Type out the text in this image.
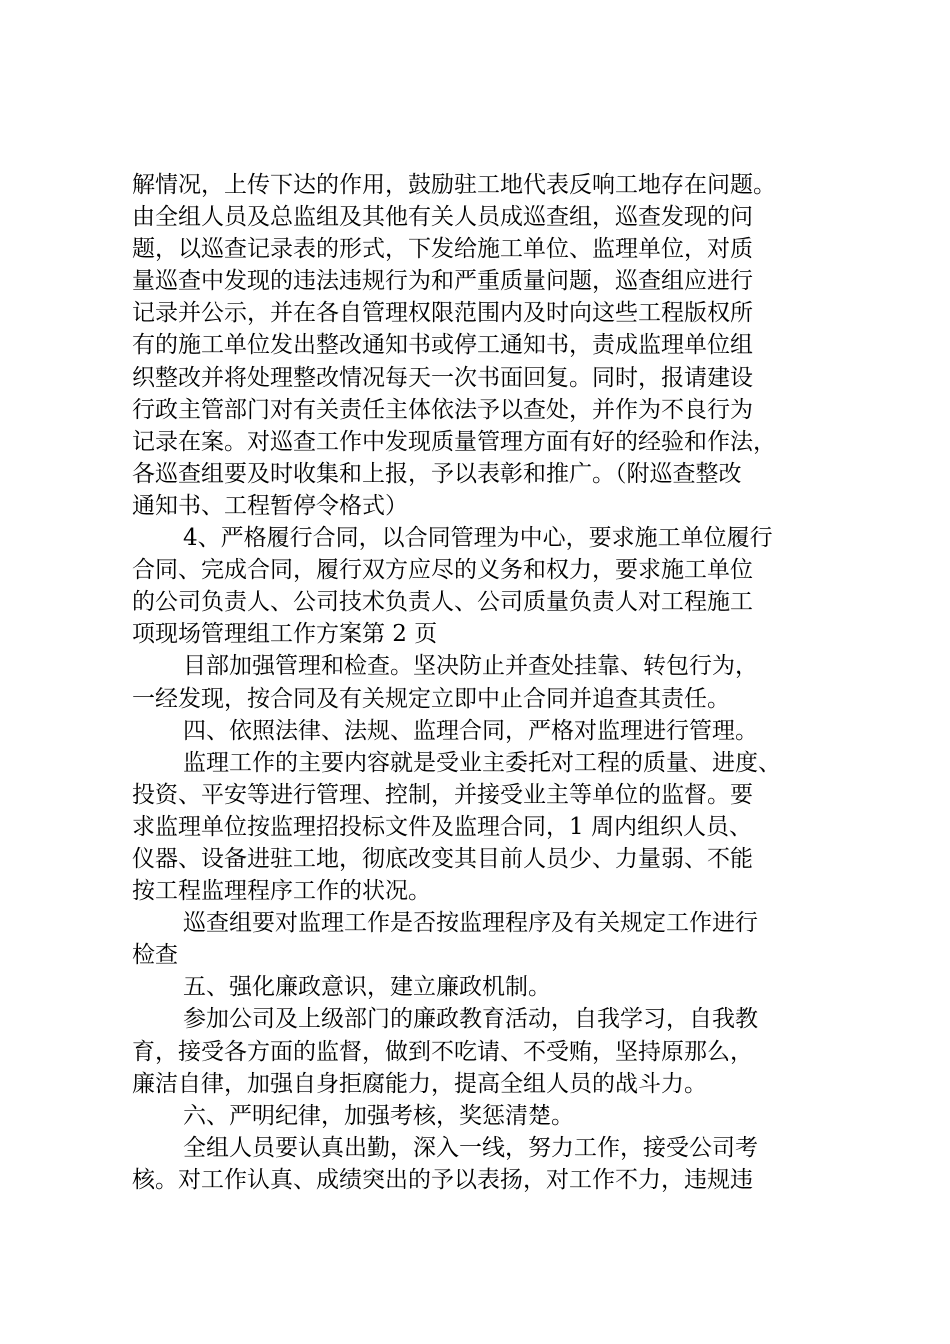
解情况，上传下达的作用，鼓励驻工地代表反响工地存在问题。
由全组人员及总监组及其他有关人员成巡查组，巡查发现的问
题，以巡查记录表的形式，下发给施工单位、监理单位，对质
量巡查中发现的违法违规行为和严重质量问题，巡查组应进行
记录并公示，并在各自管理权限范围内及时向这些工程版权所
有的施工单位发出整改通知书或停工通知书，责成监理单位组
织整改并将处理整改情况每天一次书面回复。同时，报请建设
行政主管部门对有关责任主体依法予以查处，并作为不良行为
记录在案。对巡查工作中发现质量管理方面有好的经验和作法，
各巡查组要及时收集和上报，予以表彰和推广。（附巡查整改
通知书、工程暂停令格式）
4、严格履行合同，以合同管理为中心，要求施工单位履行
合同、完成合同，履行双方应尽的义务和权力，要求施工单位
的公司负责人、公司技术负责人、公司质量负责人对工程施工
项现场管理组工作方案第 2 页
目部加强管理和检查。坚决防止并查处挂靠、转包行为，
一经发现，按合同及有关规定立即中止合同并追查其责任。
四、依照法律、法规、监理合同，严格对监理进行管理。
监理工作的主要内容就是受业主委托对工程的质量、进度、
投资、平安等进行管理、控制，并接受业主等单位的监督。要
求监理单位按监理招投标文件及监理合同，1 周内组织人员、
仪器、设备进驻工地，彻底改变其目前人员少、力量弱、不能
按工程监理程序工作的状况。
巡查组要对监理工作是否按监理程序及有关规定工作进行
检查
五、强化廉政意识，建立廉政机制。
参加公司及上级部门的廉政教育活动，自我学习，自我教
育，接受各方面的监督，做到不吃请、不受贿，坚持原那么，
廉洁自律，加强自身拒腐能力，提高全组人员的战斗力。
六、严明纪律，加强考核，奖惩清楚。
全组人员要认真出勤，深入一线，努力工作，接受公司考
核。对工作认真、成绩突出的予以表扬，对工作不力，违规违
